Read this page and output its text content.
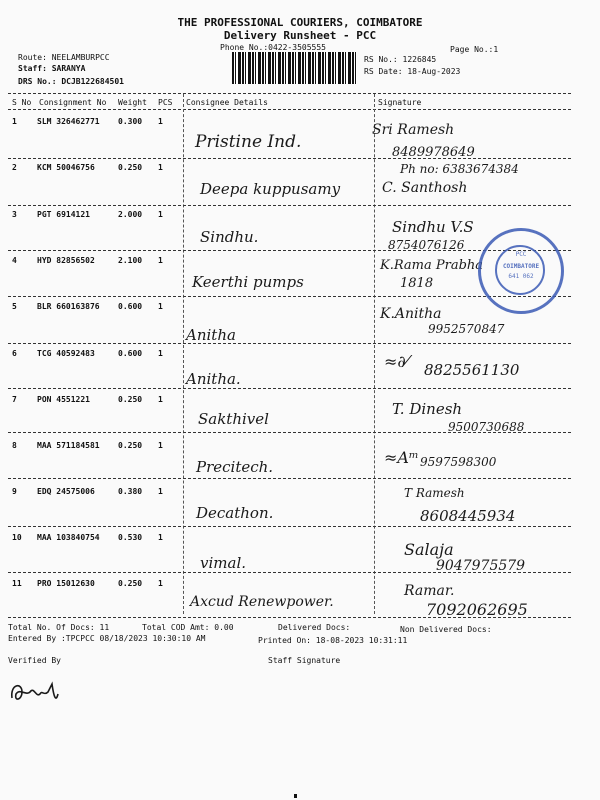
THE PROFESSIONAL COURIERS, COIMBATORE
Delivery Runsheet - PCC
Phone No.:0422-3505555	Page No.:1
Route: NEELAMBURPCC
Staff: SARANYA
DRS No.: DCJB122684501
RS No.: 1226845
RS Date: 18-Aug-2023
S No Consignment No Weight PCS Consignee Details	Signature
1	SLM 326462771 0.300 1
Pristine Ind.
Sri Ramesh
8489978649
2	KCM 50046756	0.250 1
Deepa kuppusamy
Ph no: 6383674384
C. Santhosh
3	PGT 6914121	2.000 1
Sindhu.
Sindhu V.S
8754076126
4	HYD 82856502	2.100 1
Keerthi pumps
K.Rama Prabha
1818
5	BLR 660163876 0.600 1
Anitha
K.Anitha
9952570847
6	TCG 40592483	0.600 1
Anitha.
≈∂⁄ 8825561130
7	PON 4551221	0.250 1
Sakthivel
T. Dinesh
9500730688
8	MAA 571184581 0.250 1
Precitech.	≈Aᵐ 9597598300
9	EDQ 24575006	0.380 1
Decathon.
T Ramesh
8608445934
10 MAA 103840754 0.530 1
vimal.
Salaja
9047975579
11 PRO 15012630	0.250 1
Axcud Renewpower.
Ramar.
7092062695
COIMBATORE
641 062
PCC
Total No. Of Docs: 11	Total COD Amt: 0.00	Delivered Docs:	Non Delivered Docs:
Entered By :TPCPCC 08/18/2023 10:30:10 AM	Printed On: 18-08-2023 10:31:11
Verified By	Staff Signature
